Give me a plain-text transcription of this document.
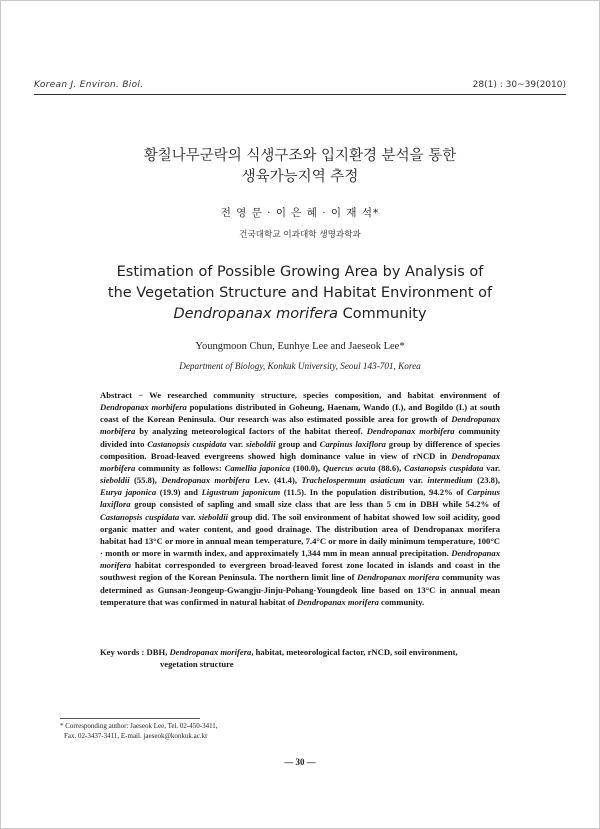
Korean J. Environ. Biol.	28(1) : 30~39(2010)
황칠나무군락의 식생구조와 입지환경 분석을 통한
생육가능지역 추정
전 영 문 · 이 은 혜 · 이 재 석*
건국대학교 이과대학 생명과학과
Estimation of Possible Growing Area by Analysis of
the Vegetation Structure and Habitat Environment of
Dendropanax morifera Community
Youngmoon Chun, Eunhye Lee and Jaeseok Lee*
Department of Biology, Konkuk University, Seoul 143-701, Korea
Abstract − We researched community structure, species composition, and habitat environment of Dendropanax morbifera populations distributed in Goheung, Haenam, Wando (I.), and Bogildo (I.) at south coast of the Korean Peninsula. Our research was also estimated possible area for growth of Dendropanax morbifera by analyzing meteorological factors of the habitat thereof. Dendropanax morbifera community divided into Castanopsis cuspidata var. sieboldii group and Carpinus laxiflora group by difference of species composition. Broad-leaved evergreens showed high dominance value in view of rNCD in Dendropanax morbifera community as follows: Camellia japonica (100.0), Quercus acuta (88.6), Castanopsis cuspidata var. sieboldii (55.8), Dendropanax morbifera Lev. (41.4), Trachelospermum asiaticum var. intermedium (23.8), Eurya japonica (19.9) and Ligustrum japonicum (11.5). In the population distribution, 94.2% of Carpinus laxiflora group consisted of sapling and small size class that are less than 5 cm in DBH while 54.2% of Castanopsis cuspidata var. sieboldii group did. The soil environment of habitat showed low soil acidity, good organic matter and water content, and good drainage. The distribution area of Dendropanax morifera habitat had 13°C or more in annual mean temperature, 7.4°C or more in daily minimum temperature, 100°C · month or more in warmth index, and approximately 1,344 mm in mean annual precipitation. Dendropanax morifera habitat corresponded to evergreen broad-leaved forest zone located in islands and coast in the southwest region of the Korean Peninsula. The northern limit line of Dendropanax morifera community was determined as Gunsan-Jeongeup-Gwangju-Jinju-Pohang-Youngdeok line based on 13°C in annual mean temperature that was confirmed in natural habitat of Dendropanax morifera community.
Key words : DBH, Dendropanax morifera, habitat, meteorological factor, rNCD, soil environment,
vegetation structure
* Corresponding author: Jaeseok Lee, Tel. 02-450-3411,
Fax. 02-3437-3411, E-mail. jaeseok@konkuk.ac.kr
— 30 —
